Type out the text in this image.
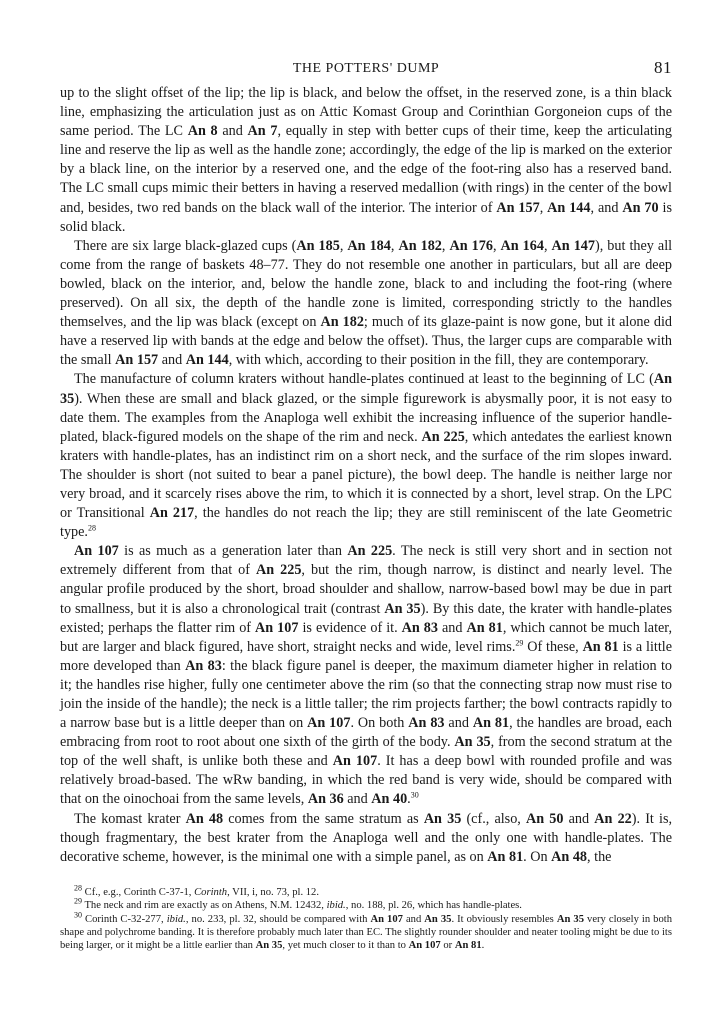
THE POTTERS' DUMP	81

up to the slight offset of the lip; the lip is black, and below the offset, in the reserved zone, is a thin black line, emphasizing the articulation just as on Attic Komast Group and Corinthian Gorgoneion cups of the same period. The LC An 8 and An 7, equally in step with better cups of their time, keep the articulating line and reserve the lip as well as the handle zone; accordingly, the edge of the lip is marked on the exterior by a black line, on the interior by a reserved one, and the edge of the foot-ring also has a reserved band. The LC small cups mimic their betters in having a reserved medallion (with rings) in the center of the bowl and, besides, two red bands on the black wall of the interior. The interior of An 157, An 144, and An 70 is solid black.

There are six large black-glazed cups (An 185, An 184, An 182, An 176, An 164, An 147), but they all come from the range of baskets 48–77. They do not resemble one another in particulars, but all are deep bowled, black on the interior, and, below the handle zone, black to and including the foot-ring (where preserved). On all six, the depth of the handle zone is limited, corresponding strictly to the handles themselves, and the lip was black (except on An 182; much of its glaze-paint is now gone, but it alone did have a reserved lip with bands at the edge and below the offset). Thus, the larger cups are comparable with the small An 157 and An 144, with which, according to their position in the fill, they are contemporary.

The manufacture of column kraters without handle-plates continued at least to the beginning of LC (An 35). When these are small and black glazed, or the simple figurework is abysmally poor, it is not easy to date them. The examples from the Anaploga well exhibit the increasing influence of the superior handle-plated, black-figured models on the shape of the rim and neck. An 225, which antedates the earliest known kraters with handle-plates, has an indistinct rim on a short neck, and the surface of the rim slopes inward. The shoulder is short (not suited to bear a panel picture), the bowl deep. The handle is neither large nor very broad, and it scarcely rises above the rim, to which it is connected by a short, level strap. On the LPC or Transitional An 217, the handles do not reach the lip; they are still reminiscent of the late Geometric type.$^{28}$

An 107 is as much as a generation later than An 225. The neck is still very short and in section not extremely different from that of An 225, but the rim, though narrow, is distinct and nearly level. The angular profile produced by the short, broad shoulder and shallow, narrow-based bowl may be due in part to smallness, but it is also a chronological trait (contrast An 35). By this date, the krater with handle-plates existed; perhaps the flatter rim of An 107 is evidence of it. An 83 and An 81, which cannot be much later, but are larger and black figured, have short, straight necks and wide, level rims.$^{29}$ Of these, An 81 is a little more developed than An 83: the black figure panel is deeper, the maximum diameter higher in relation to it; the handles rise higher, fully one centimeter above the rim (so that the connecting strap now must rise to join the inside of the handle); the neck is a little taller; the rim projects farther; the bowl contracts rapidly to a narrow base but is a little deeper than on An 107. On both An 83 and An 81, the handles are broad, each embracing from root to root about one sixth of the girth of the body. An 35, from the second stratum at the top of the well shaft, is unlike both these and An 107. It has a deep bowl with rounded profile and was relatively broad-based. The wRw banding, in which the red band is very wide, should be compared with that on the oinochoai from the same levels, An 36 and An 40.30

The komast krater An 48 comes from the same stratum as An 35 (cf., also, An 50 and An 22). It is, though fragmentary, the best krater from the Anaploga well and the only one with handle-plates. The decorative scheme, however, is the minimal one with a simple panel, as on An 81. On An 48, the

$^{28}$ Cf., e.g., Corinth C-37-1, Corinth, VII, i, no. 73, pl. 12.

$^{29}$ The neck and rim are exactly as on Athens, N.M. 12432, ibid., no. 188, pl. 26, which has handle-plates.

$^{30}$ Corinth C-32-277, ibid., no. 233, pl. 32, should be compared with An 107 and An 35. It obviously resembles An 35 very closely in both shape and polychrome banding. It is therefore probably much later than EC. The slightly rounder shoulder and neater tooling might be due to its being larger, or it might be a little earlier than An 35, yet much closer to it than to An 107 or An 81.
